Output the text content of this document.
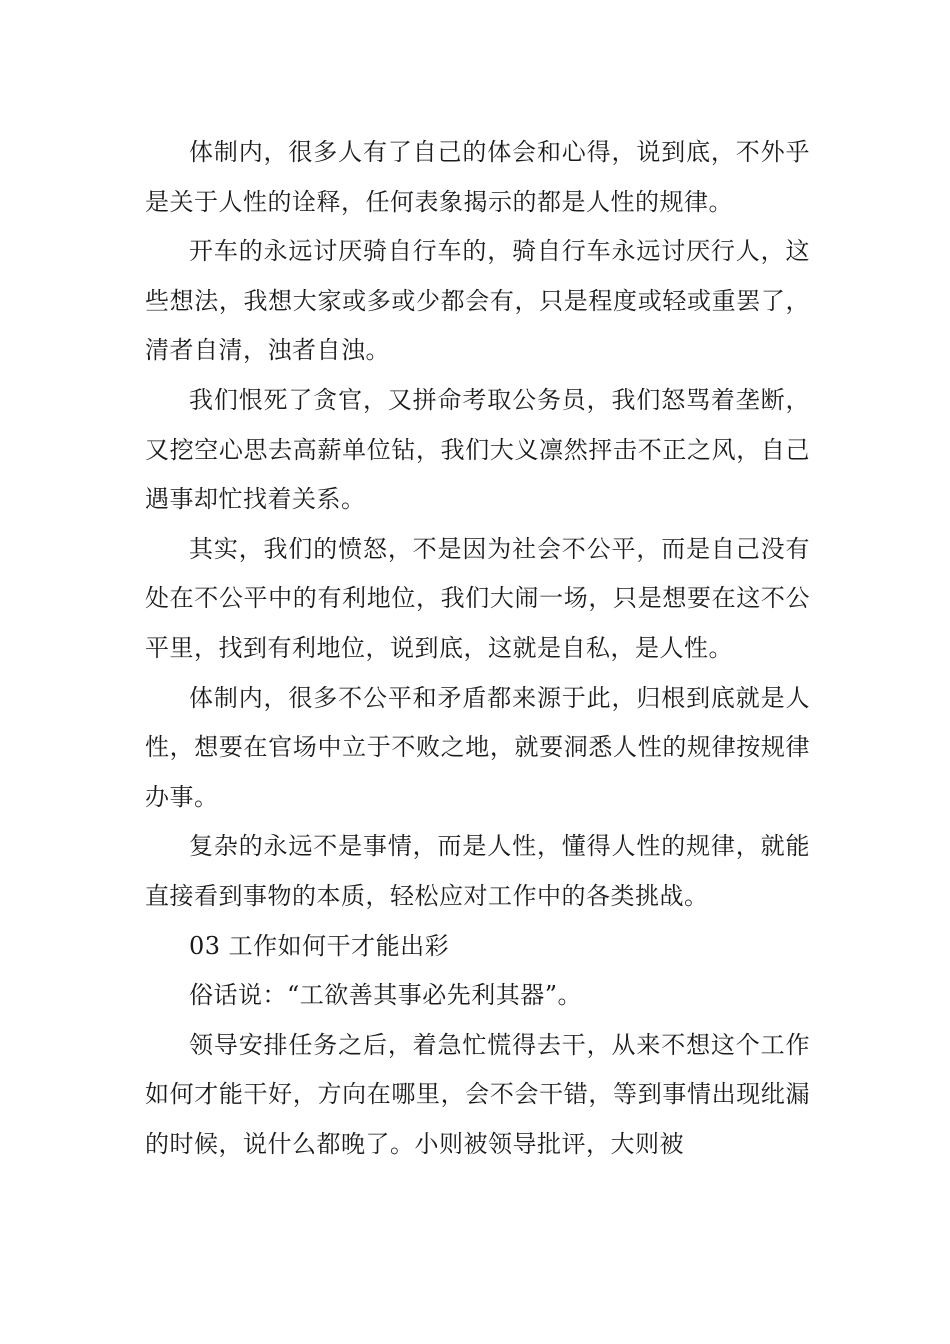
体制内，很多人有了自己的体会和心得，说到底，不外乎是关于人性的诠释，任何表象揭示的都是人性的规律。

开车的永远讨厌骑自行车的，骑自行车永远讨厌行人，这些想法，我想大家或多或少都会有，只是程度或轻或重罢了，清者自清，浊者自浊。

我们恨死了贪官，又拼命考取公务员，我们怒骂着垄断，又挖空心思去高薪单位钻，我们大义凛然抨击不正之风，自己遇事却忙找着关系。

其实，我们的愤怒，不是因为社会不公平，而是自己没有处在不公平中的有利地位，我们大闹一场，只是想要在这不公平里，找到有利地位，说到底，这就是自私，是人性。

体制内，很多不公平和矛盾都来源于此，归根到底就是人性，想要在官场中立于不败之地，就要洞悉人性的规律按规律办事。

复杂的永远不是事情，而是人性，懂得人性的规律，就能直接看到事物的本质，轻松应对工作中的各类挑战。

03 工作如何干才能出彩

俗话说：“工欲善其事必先利其器”。

领导安排任务之后，着急忙慌得去干，从来不想这个工作如何才能干好，方向在哪里，会不会干错，等到事情出现纰漏的时候，说什么都晚了。小则被领导批评，大则被
